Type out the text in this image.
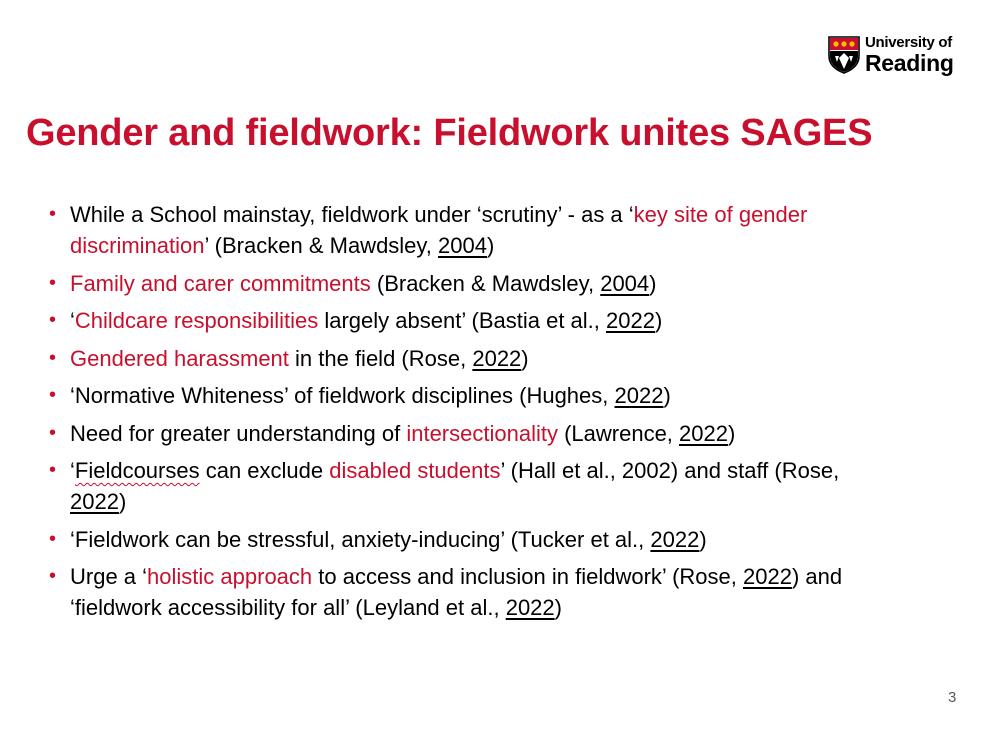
University of
Reading
Gender and fieldwork: Fieldwork unites SAGES
• While a School mainstay, fieldwork under ‘scrutiny’ - as a ‘key site of gender discrimination’ (Bracken & Mawdsley, 2004)
• Family and carer commitments (Bracken & Mawdsley, 2004)
• ‘Childcare responsibilities largely absent’ (Bastia et al., 2022)
• Gendered harassment in the field (Rose, 2022)
• ‘Normative Whiteness’ of fieldwork disciplines (Hughes, 2022)
• Need for greater understanding of intersectionality (Lawrence, 2022)
• ‘Fieldcourses can exclude disabled students’ (Hall et al., 2002) and staff (Rose, 2022)
• ‘Fieldwork can be stressful, anxiety-inducing’ (Tucker et al., 2022)
• Urge a ‘holistic approach to access and inclusion in fieldwork’ (Rose, 2022) and ‘fieldwork accessibility for all’ (Leyland et al., 2022)
3
